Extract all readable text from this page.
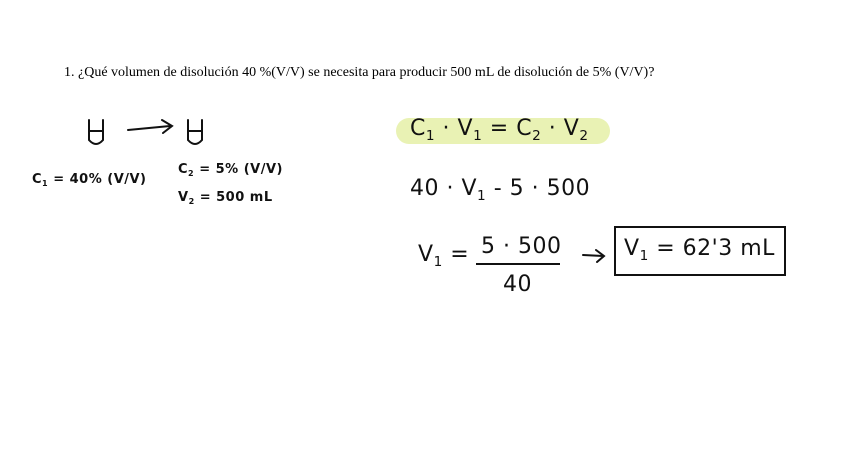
1. ¿Qué volumen de disolución 40 %(V/V) se necesita para producir 500 mL de disolución de 5% (V/V)?
$C_1 = 40\%$ (V/V)
$C_2 = 5\%$ (V/V)
$V_2 = 500$ mL
$C_1 \cdot V_1 = C_2 \cdot V_2$
$40 \cdot V_1 - 5 \cdot 500$
$V_1 = 5 \cdot 500$
40
$V_1 = 62'3$ mL
